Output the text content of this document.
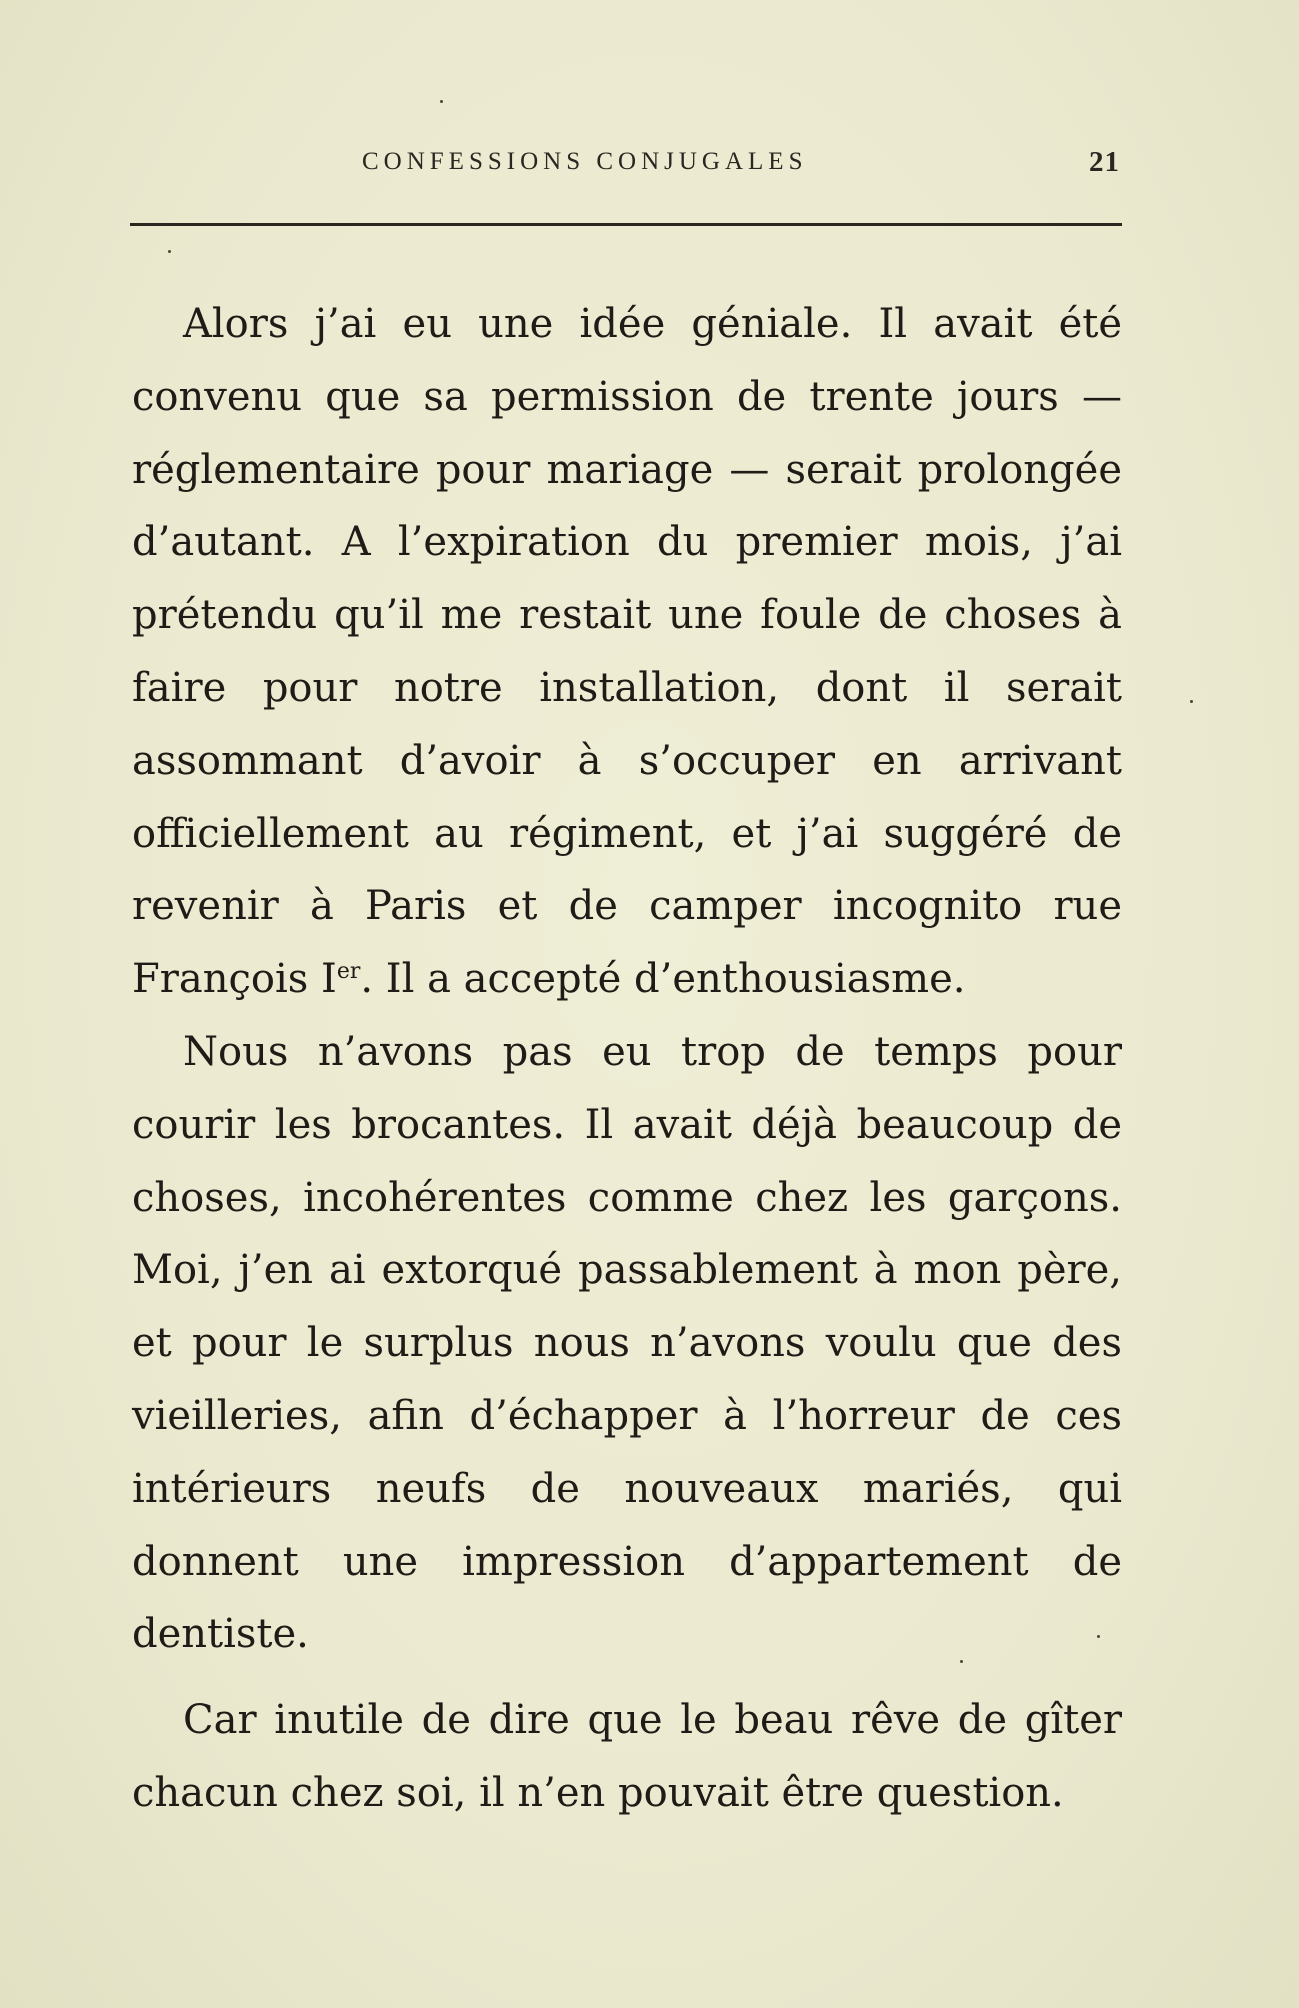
CONFESSIONS CONJUGALES	21

Alors j’ai eu une idée géniale. Il avait été convenu que sa permission de trente jours — réglementaire pour mariage — serait prolongée d’autant. A l’expiration du premier mois, j’ai prétendu qu’il me restait une foule de choses à faire pour notre installation, dont il serait assommant d’avoir à s’occuper en arrivant officiellement au régiment, et j’ai suggéré de revenir à Paris et de camper incognito rue François Ier. Il a accepté d’enthousiasme.

Nous n’avons pas eu trop de temps pour courir les brocantes. Il avait déjà beaucoup de choses, incohérentes comme chez les garçons. Moi, j’en ai extorqué passablement à mon père, et pour le surplus nous n’avons voulu que des vieilleries, afin d’échapper à l’horreur de ces intérieurs neufs de nouveaux mariés, qui donnent une impression d’appartement de dentiste.

Car inutile de dire que le beau rêve de gîter chacun chez soi, il n’en pouvait être question.
